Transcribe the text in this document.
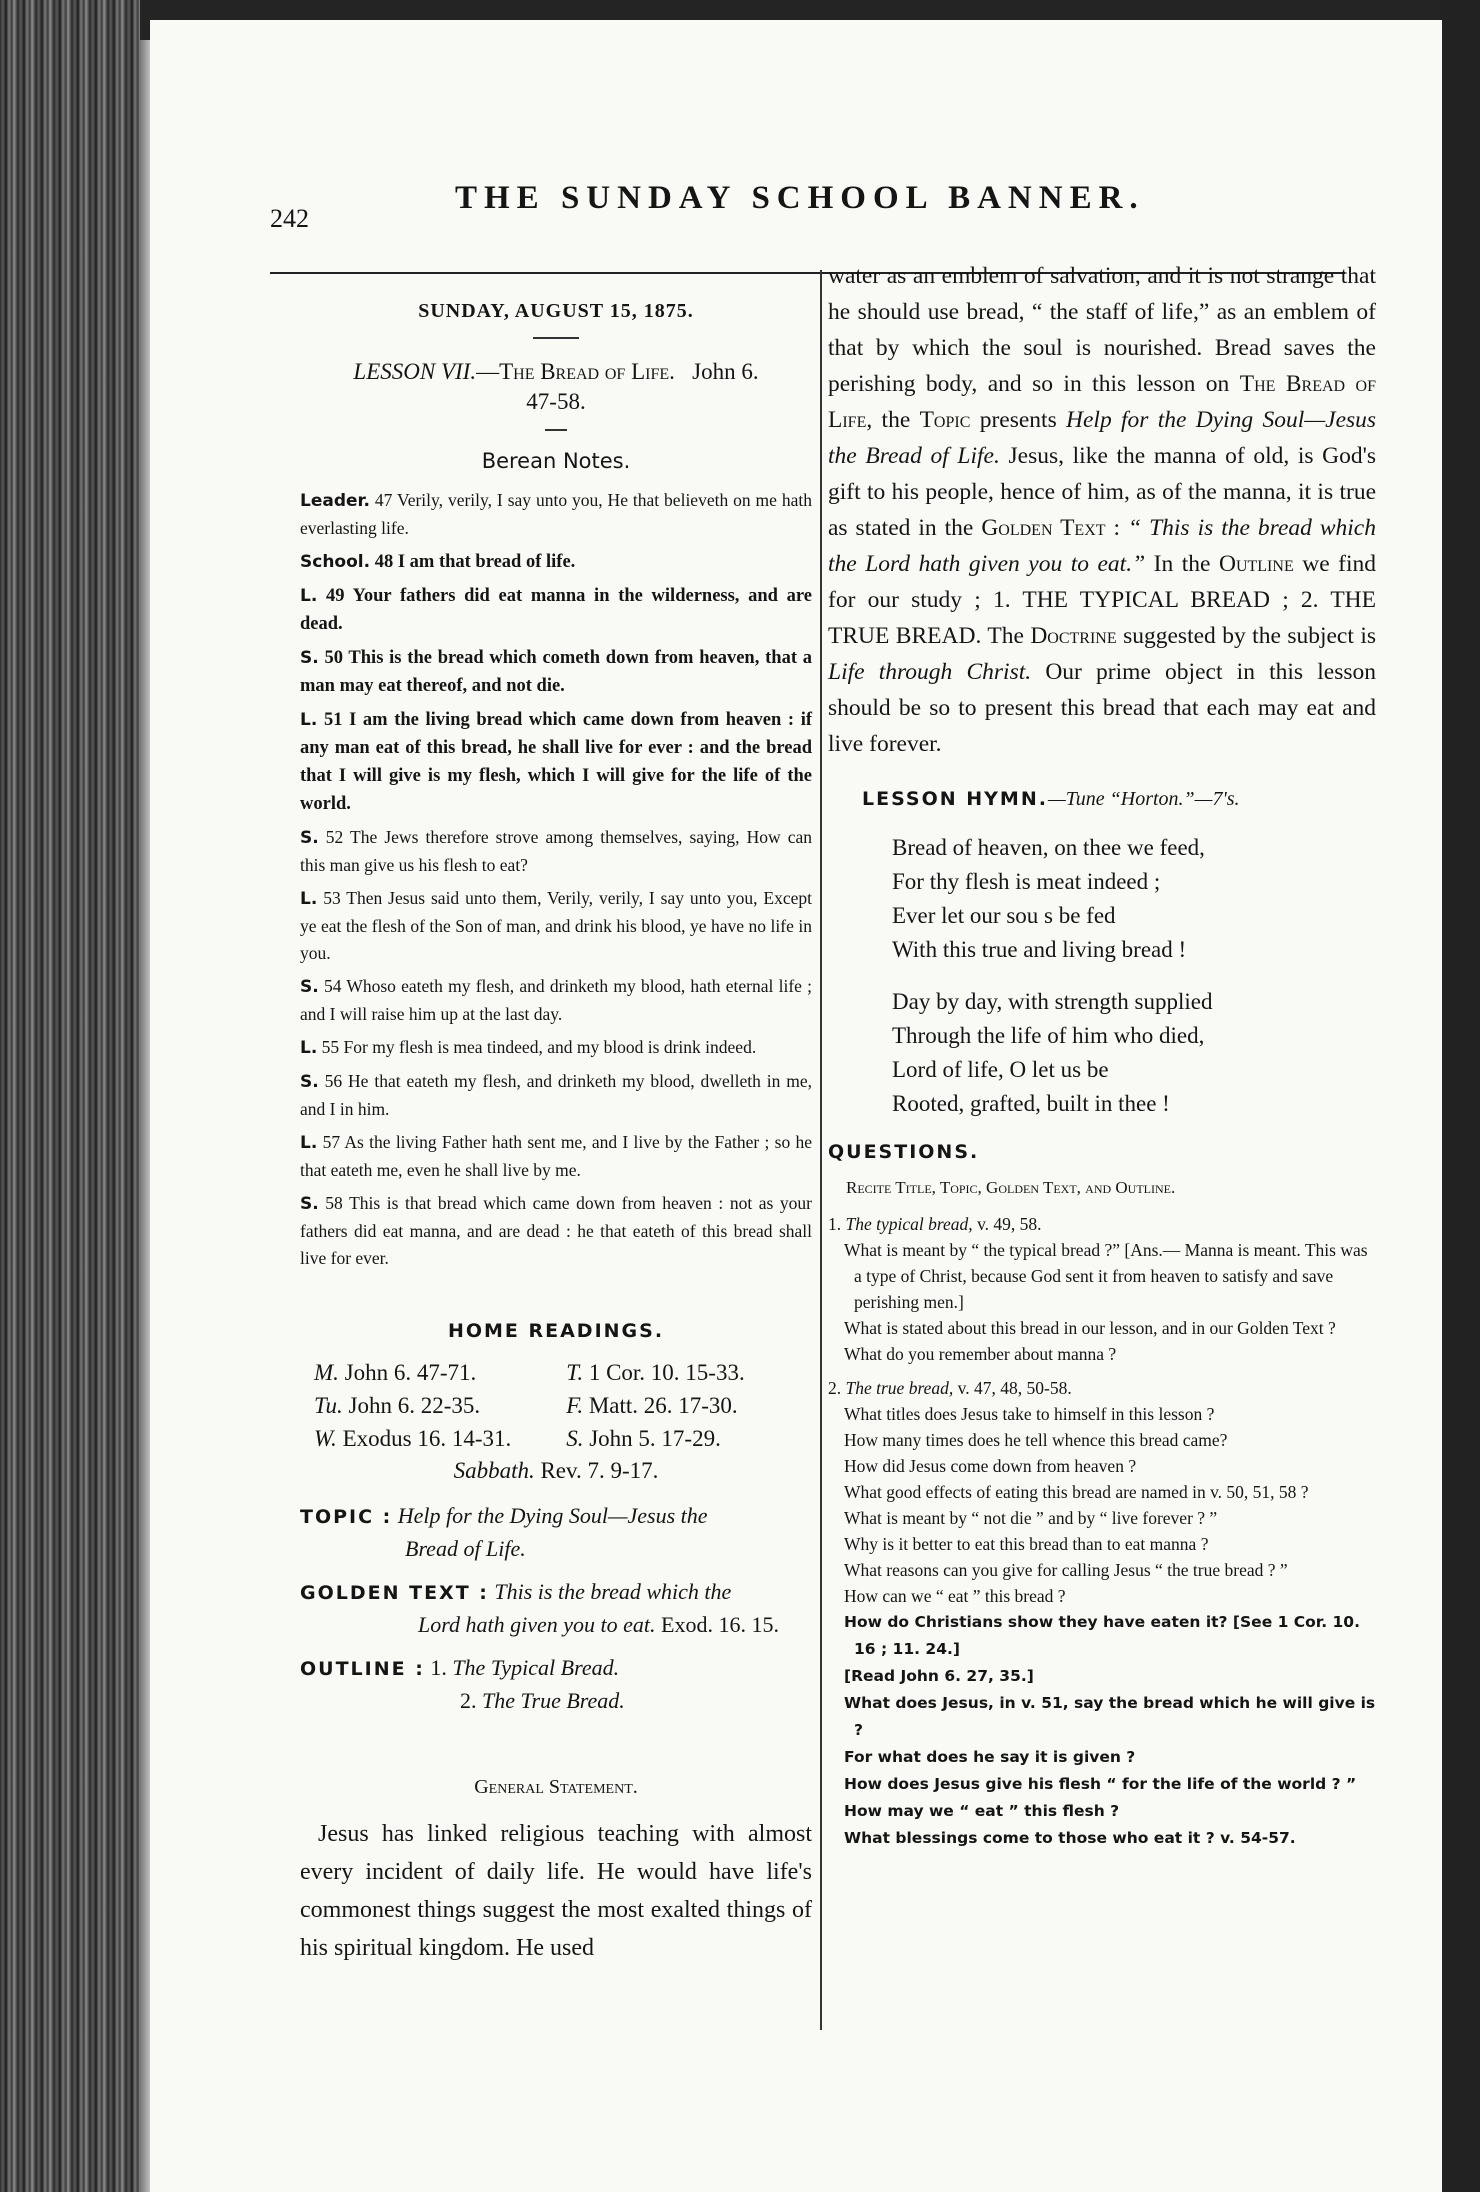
242
THE SUNDAY SCHOOL BANNER.
SUNDAY, AUGUST 15, 1875.
LESSON VII.—The Bread of Life. John 6.
47-58.
Berean Notes.
Leader. 47 Verily, verily, I say unto you, He that believeth on me hath everlasting life.
School. 48 I am that bread of life.
L. 49 Your fathers did eat manna in the wilderness, and are dead.
S. 50 This is the bread which cometh down from heaven, that a man may eat thereof, and not die.
L. 51 I am the living bread which came down from heaven : if any man eat of this bread, he shall live for ever : and the bread that I will give is my flesh, which I will give for the life of the world.
S. 52 The Jews therefore strove among themselves, saying, How can this man give us his flesh to eat?
L. 53 Then Jesus said unto them, Verily, verily, I say unto you, Except ye eat the flesh of the Son of man, and drink his blood, ye have no life in you.
S. 54 Whoso eateth my flesh, and drinketh my blood, hath eternal life ; and I will raise him up at the last day.
L. 55 For my flesh is mea tindeed, and my blood is drink indeed.
S. 56 He that eateth my flesh, and drinketh my blood, dwelleth in me, and I in him.
L. 57 As the living Father hath sent me, and I live by the Father ; so he that eateth me, even he shall live by me.
S. 58 This is that bread which came down from heaven : not as your fathers did eat manna, and are dead : he that eateth of this bread shall live for ever.
HOME READINGS.
M. John 6. 47-71.	T. 1 Cor. 10. 15-33.
Tu. John 6. 22-35.	F. Matt. 26. 17-30.
W. Exodus 16. 14-31.	S. John 5. 17-29.
Sabbath. Rev. 7. 9-17.
TOPIC : Help for the Dying Soul—Jesus the
Bread of Life.
GOLDEN TEXT : This is the bread which the
Lord hath given you to eat. Exod. 16. 15.
OUTLINE : 1. The Typical Bread.
2. The True Bread.
General Statement.
Jesus has linked religious teaching with almost every incident of daily life. He would have life's commonest things suggest the most exalted things of his spiritual kingdom. He used

water as an emblem of salvation, and it is not strange that he should use bread, “ the staff of life,” as an emblem of that by which the soul is nourished. Bread saves the perishing body, and so in this lesson on The Bread of Life, the Topic presents Help for the Dying Soul—Jesus the Bread of Life. Jesus, like the manna of old, is God's gift to his people, hence of him, as of the manna, it is true as stated in the Golden Text : “ This is the bread which the Lord hath given you to eat.” In the Outline we find for our study ; 1. THE TYPICAL BREAD ; 2. THE TRUE BREAD. The Doctrine suggested by the subject is Life through Christ. Our prime object in this lesson should be so to present this bread that each may eat and live forever.

LESSON HYMN.—Tune “Horton.”—7's.
Bread of heaven, on thee we feed,
For thy flesh is meat indeed ;
Ever let our sou s be fed
With this true and living bread !
Day by day, with strength supplied
Through the life of him who died,
Lord of life, O let us be
Rooted, grafted, built in thee !
QUESTIONS.
Recite Title, Topic, Golden Text, and Outline.
1. The typical bread, v. 49, 58.

What is meant by “ the typical bread ?” [Ans.— Manna is meant. This was a type of Christ, because God sent it from heaven to satisfy and save perishing men.]

What is stated about this bread in our lesson, and in our Golden Text ?

What do you remember about manna ?

2. The true bread, v. 47, 48, 50-58.

What titles does Jesus take to himself in this lesson ?

How many times does he tell whence this bread came?

How did Jesus come down from heaven ?

What good effects of eating this bread are named in v. 50, 51, 58 ?

What is meant by “ not die ” and by “ live forever ? ”

Why is it better to eat this bread than to eat manna ?

What reasons can you give for calling Jesus “ the true bread ? ”

How can we “ eat ” this bread ?

How do Christians show they have eaten it? [See 1 Cor. 10. 16 ; 11. 24.]

[Read John 6. 27, 35.]

What does Jesus, in v. 51, say the bread which he will give is ?

For what does he say it is given ?

How does Jesus give his flesh “ for the life of the world ? ”

How may we “ eat ” this flesh ?

What blessings come to those who eat it ? v. 54-57.
